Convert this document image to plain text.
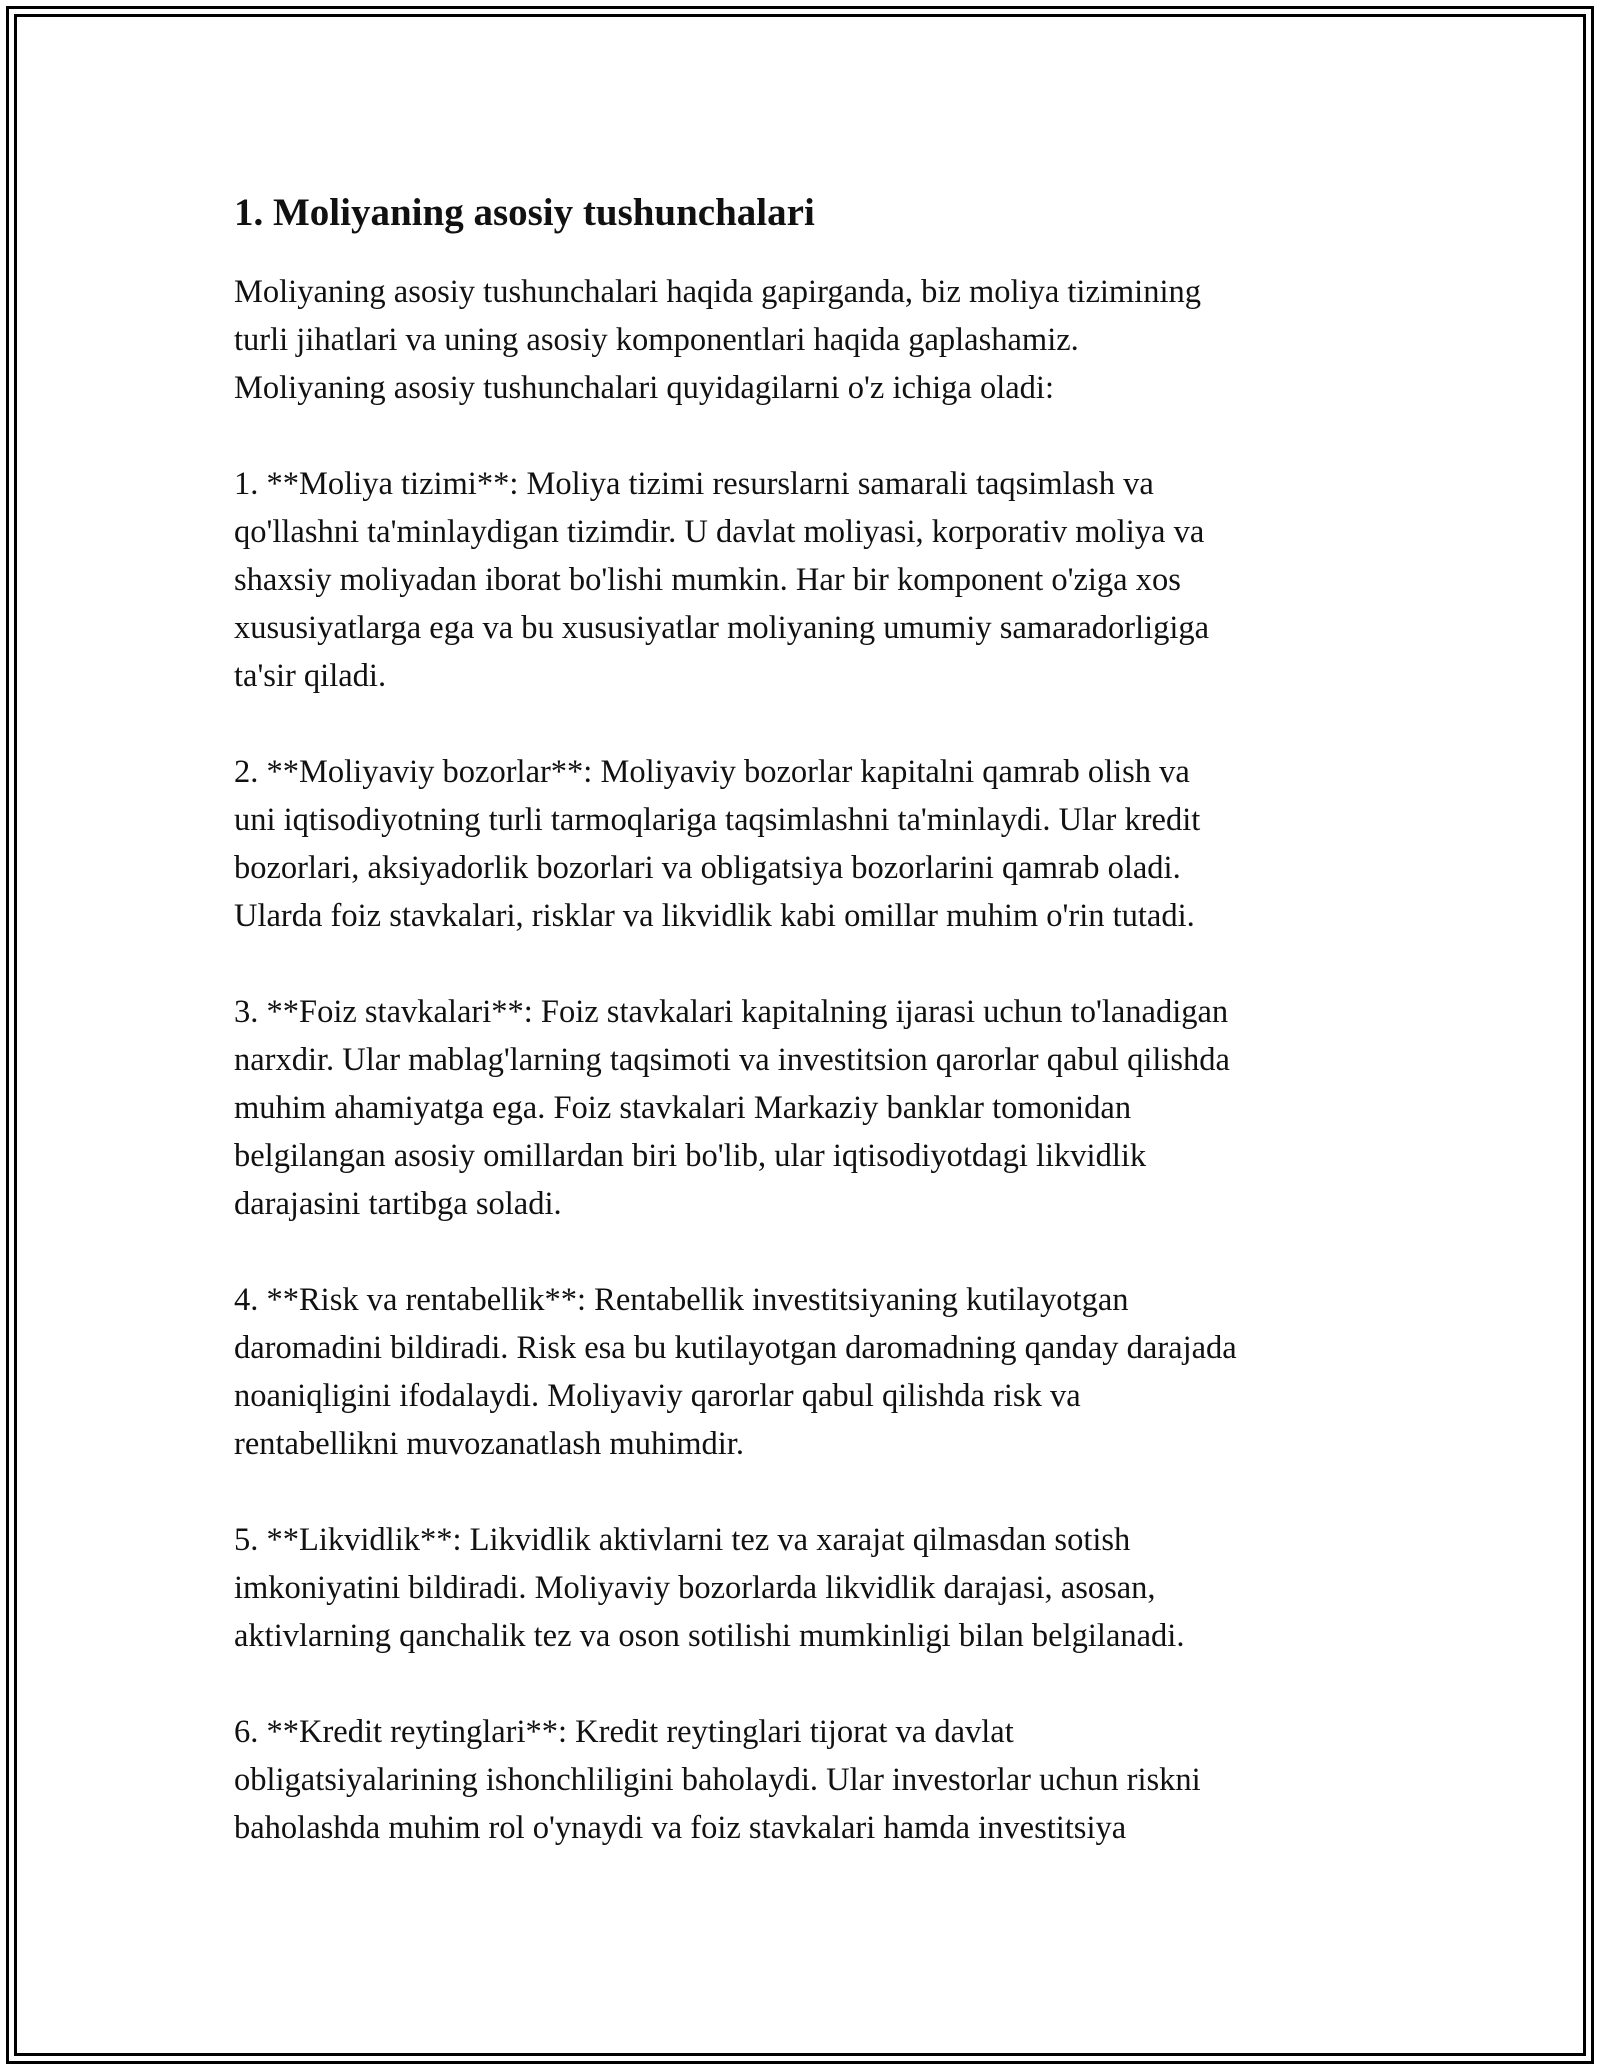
1. Moliyaning asosiy tushunchalari

Moliyaning asosiy tushunchalari haqida gapirganda, biz moliya tizimining
turli jihatlari va uning asosiy komponentlari haqida gaplashamiz.
Moliyaning asosiy tushunchalari quyidagilarni o'z ichiga oladi:

1. **Moliya tizimi**: Moliya tizimi resurslarni samarali taqsimlash va
qo'llashni ta'minlaydigan tizimdir. U davlat moliyasi, korporativ moliya va
shaxsiy moliyadan iborat bo'lishi mumkin. Har bir komponent o'ziga xos
xususiyatlarga ega va bu xususiyatlar moliyaning umumiy samaradorligiga
ta'sir qiladi.

2. **Moliyaviy bozorlar**: Moliyaviy bozorlar kapitalni qamrab olish va
uni iqtisodiyotning turli tarmoqlariga taqsimlashni ta'minlaydi. Ular kredit
bozorlari, aksiyadorlik bozorlari va obligatsiya bozorlarini qamrab oladi.
Ularda foiz stavkalari, risklar va likvidlik kabi omillar muhim o'rin tutadi.

3. **Foiz stavkalari**: Foiz stavkalari kapitalning ijarasi uchun to'lanadigan
narxdir. Ular mablag'larning taqsimoti va investitsion qarorlar qabul qilishda
muhim ahamiyatga ega. Foiz stavkalari Markaziy banklar tomonidan
belgilangan asosiy omillardan biri bo'lib, ular iqtisodiyotdagi likvidlik
darajasini tartibga soladi.

4. **Risk va rentabellik**: Rentabellik investitsiyaning kutilayotgan
daromadini bildiradi. Risk esa bu kutilayotgan daromadning qanday darajada
noaniqligini ifodalaydi. Moliyaviy qarorlar qabul qilishda risk va
rentabellikni muvozanatlash muhimdir.

5. **Likvidlik**: Likvidlik aktivlarni tez va xarajat qilmasdan sotish
imkoniyatini bildiradi. Moliyaviy bozorlarda likvidlik darajasi, asosan,
aktivlarning qanchalik tez va oson sotilishi mumkinligi bilan belgilanadi.

6. **Kredit reytinglari**: Kredit reytinglari tijorat va davlat
obligatsiyalarining ishonchliligini baholaydi. Ular investorlar uchun riskni
baholashda muhim rol o'ynaydi va foiz stavkalari hamda investitsiya
